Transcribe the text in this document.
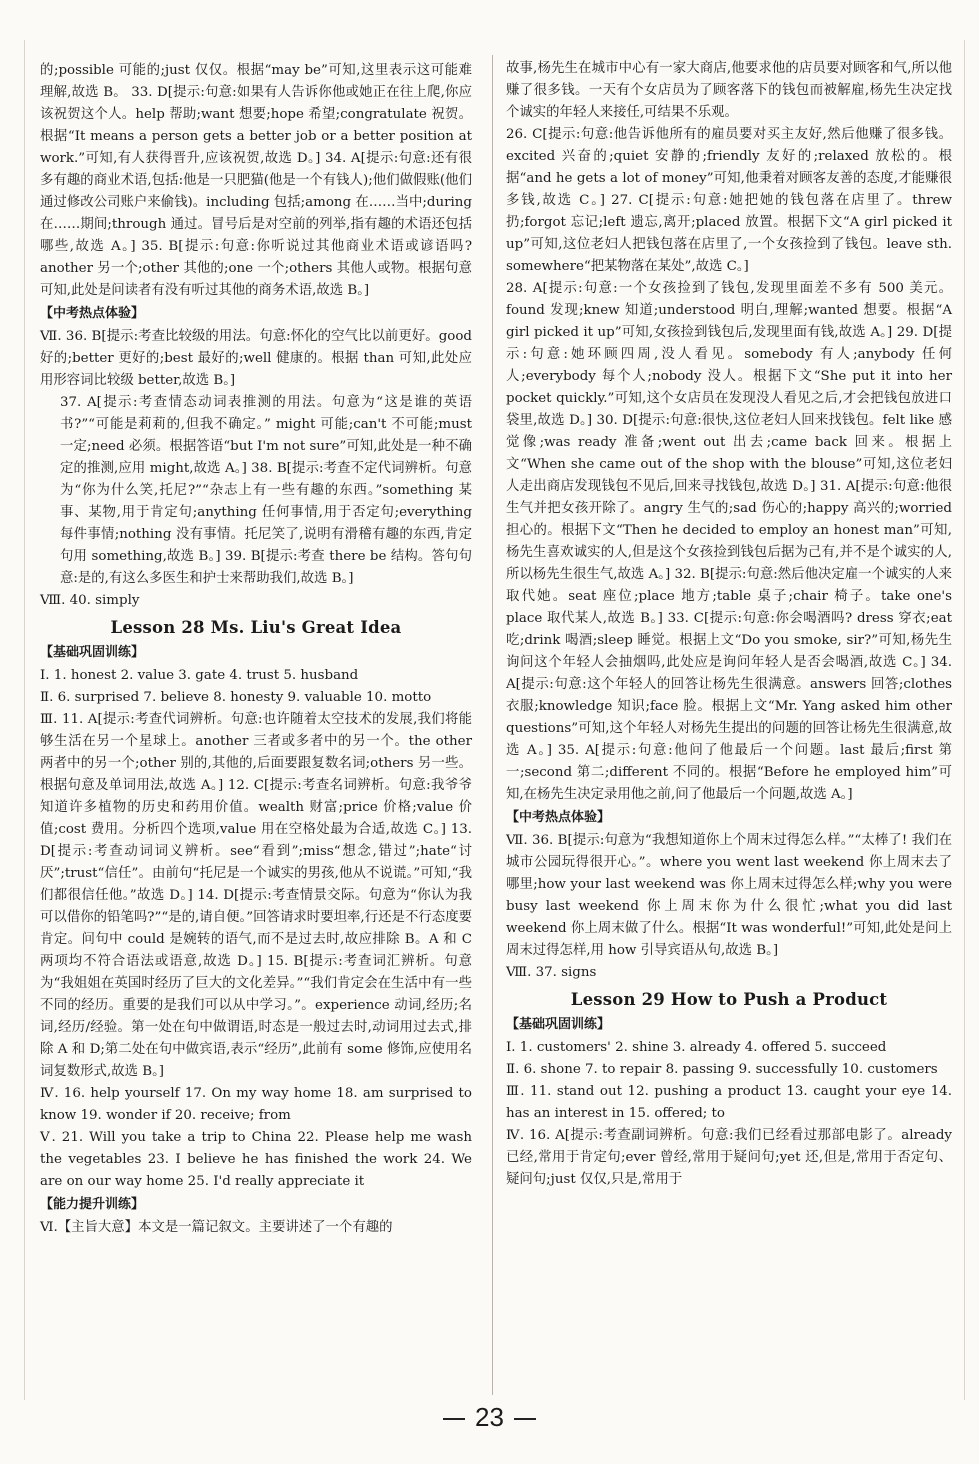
的;possible 可能的;just 仅仅。根据“may be”可知,这里表示这可能难理解,故选 B。 33. D[提示:句意:如果有人告诉你他或她正在往上爬,你应该祝贺这个人。help 帮助;want 想要;hope 希望;congratulate 祝贺。根据“It means a person gets a better job or a better position at work.”可知,有人获得晋升,应该祝贺,故选 D。] 34. A[提示:句意:还有很多有趣的商业术语,包括:他是一只肥猫(他是一个有钱人);他们做假账(他们通过修改公司账户来偷钱)。including 包括;among 在……当中;during 在……期间;through 通过。冒号后是对空前的列举,指有趣的术语还包括哪些,故选 A。] 35. B[提示:句意:你听说过其他商业术语或谚语吗? another 另一个;other 其他的;one 一个;others 其他人或物。根据句意可知,此处是问读者有没有听过其他的商务术语,故选 B。]

【中考热点体验】

Ⅶ. 36. B[提示:考查比较级的用法。句意:怀化的空气比以前更好。good 好的;better 更好的;best 最好的;well 健康的。根据 than 可知,此处应用形容词比较级 better,故选 B。]

37. A[提示:考查情态动词表推测的用法。句意为“这是谁的英语书?”“可能是莉莉的,但我不确定。” might 可能;can't 不可能;must 一定;need 必须。根据答语“but I'm not sure”可知,此处是一种不确定的推测,应用 might,故选 A。] 38. B[提示:考查不定代词辨析。句意为“你为什么笑,托尼?”“杂志上有一些有趣的东西。”something 某事、某物,用于肯定句;anything 任何事情,用于否定句;everything 每件事情;nothing 没有事情。托尼笑了,说明有滑稽有趣的东西,肯定句用 something,故选 B。] 39. B[提示:考查 there be 结构。答句句意:是的,有这么多医生和护士来帮助我们,故选 B。]

Ⅷ. 40. simply

Lesson 28 Ms. Liu's Great Idea
【基础巩固训练】

Ⅰ. 1. honest 2. value 3. gate 4. trust 5. husband

Ⅱ. 6. surprised 7. believe 8. honesty 9. valuable 10. motto

Ⅲ. 11. A[提示:考查代词辨析。句意:也许随着太空技术的发展,我们将能够生活在另一个星球上。another 三者或多者中的另一个。the other 两者中的另一个;other 别的,其他的,后面要跟复数名词;others 另一些。根据句意及单词用法,故选 A。] 12. C[提示:考查名词辨析。句意:我爷爷知道许多植物的历史和药用价值。wealth 财富;price 价格;value 价值;cost 费用。分析四个选项,value 用在空格处最为合适,故选 C。] 13. D[提示:考查动词词义辨析。see“看到”;miss“想念,错过”;hate“讨厌”;trust“信任”。由前句“托尼是一个诚实的男孩,他从不说谎。”可知,“我们都很信任他。”故选 D。] 14. D[提示:考查情景交际。句意为“你认为我可以借你的铅笔吗?”“是的,请自便。”回答请求时要坦率,行还是不行态度要肯定。问句中 could 是婉转的语气,而不是过去时,故应排除 B。A 和 C 两项均不符合语法或语意,故选 D。] 15. B[提示:考查词汇辨析。句意为“我姐姐在英国时经历了巨大的文化差异。”“我们肯定会在生活中有一些不同的经历。重要的是我们可以从中学习。”。experience 动词,经历;名词,经历/经验。第一处在句中做谓语,时态是一般过去时,动词用过去式,排除 A 和 D;第二处在句中做宾语,表示“经历”,此前有 some 修饰,应使用名词复数形式,故选 B。]

Ⅳ. 16. help yourself 17. On my way home 18. am surprised to know 19. wonder if 20. receive; from

Ⅴ. 21. Will you take a trip to China 22. Please help me wash the vegetables 23. I believe he has finished the work 24. We are on our way home 25. I'd really appreciate it

【能力提升训练】

Ⅵ.【主旨大意】本文是一篇记叙文。主要讲述了一个有趣的

故事,杨先生在城市中心有一家大商店,他要求他的店员要对顾客和气,所以他赚了很多钱。一天有个女店员为了顾客落下的钱包而被解雇,杨先生决定找个诚实的年轻人来接任,可结果不乐观。

26. C[提示:句意:他告诉他所有的雇员要对买主友好,然后他赚了很多钱。excited 兴奋的;quiet 安静的;friendly 友好的;relaxed 放松的。根据“and he gets a lot of money”可知,他秉着对顾客友善的态度,才能赚很多钱,故选 C。] 27. C[提示:句意:她把她的钱包落在店里了。threw 扔;forgot 忘记;left 遗忘,离开;placed 放置。根据下文“A girl picked it up”可知,这位老妇人把钱包落在店里了,一个女孩捡到了钱包。leave sth. somewhere“把某物落在某处”,故选 C。]

28. A[提示:句意:一个女孩捡到了钱包,发现里面差不多有 500 美元。found 发现;knew 知道;understood 明白,理解;wanted 想要。根据“A girl picked it up”可知,女孩捡到钱包后,发现里面有钱,故选 A。] 29. D[提示:句意:她环顾四周,没人看见。somebody 有人;anybody 任何人;everybody 每个人;nobody 没人。根据下文“She put it into her pocket quickly.”可知,这个女店员在发现没人看见之后,才会把钱包放进口袋里,故选 D。] 30. D[提示:句意:很快,这位老妇人回来找钱包。felt like 感觉像;was ready 准备;went out 出去;came back 回来。根据上文“When she came out of the shop with the blouse”可知,这位老妇人走出商店发现钱包不见后,回来寻找钱包,故选 D。] 31. A[提示:句意:他很生气并把女孩开除了。angry 生气的;sad 伤心的;happy 高兴的;worried 担心的。根据下文“Then he decided to employ an honest man”可知,杨先生喜欢诚实的人,但是这个女孩捡到钱包后据为己有,并不是个诚实的人,所以杨先生很生气,故选 A。] 32. B[提示:句意:然后他决定雇一个诚实的人来取代她。seat 座位;place 地方;table 桌子;chair 椅子。take one's place 取代某人,故选 B。] 33. C[提示:句意:你会喝酒吗? dress 穿衣;eat 吃;drink 喝酒;sleep 睡觉。根据上文“Do you smoke, sir?”可知,杨先生询问这个年轻人会抽烟吗,此处应是询问年轻人是否会喝酒,故选 C。] 34. A[提示:句意:这个年轻人的回答让杨先生很满意。answers 回答;clothes 衣服;knowledge 知识;face 脸。根据上文“Mr. Yang asked him other questions”可知,这个年轻人对杨先生提出的问题的回答让杨先生很满意,故选 A。] 35. A[提示:句意:他问了他最后一个问题。last 最后;first 第一;second 第二;different 不同的。根据“Before he employed him”可知,在杨先生决定录用他之前,问了他最后一个问题,故选 A。]

【中考热点体验】

Ⅶ. 36. B[提示:句意为“我想知道你上个周末过得怎么样。”“太棒了! 我们在城市公园玩得很开心。”。where you went last weekend 你上周末去了哪里;how your last weekend was 你上周末过得怎么样;why you were busy last weekend 你上周末你为什么很忙;what you did last weekend 你上周末做了什么。根据“It was wonderful!”可知,此处是问上周末过得怎样,用 how 引导宾语从句,故选 B。]

Ⅷ. 37. signs

Lesson 29 How to Push a Product
【基础巩固训练】

Ⅰ. 1. customers' 2. shine 3. already 4. offered 5. succeed

Ⅱ. 6. shone 7. to repair 8. passing 9. successfully 10. customers

Ⅲ. 11. stand out 12. pushing a product 13. caught your eye 14. has an interest in 15. offered; to

Ⅳ. 16. A[提示:考查副词辨析。句意:我们已经看过那部电影了。already 已经,常用于肯定句;ever 曾经,常用于疑问句;yet 还,但是,常用于否定句、疑问句;just 仅仅,只是,常用于

23
